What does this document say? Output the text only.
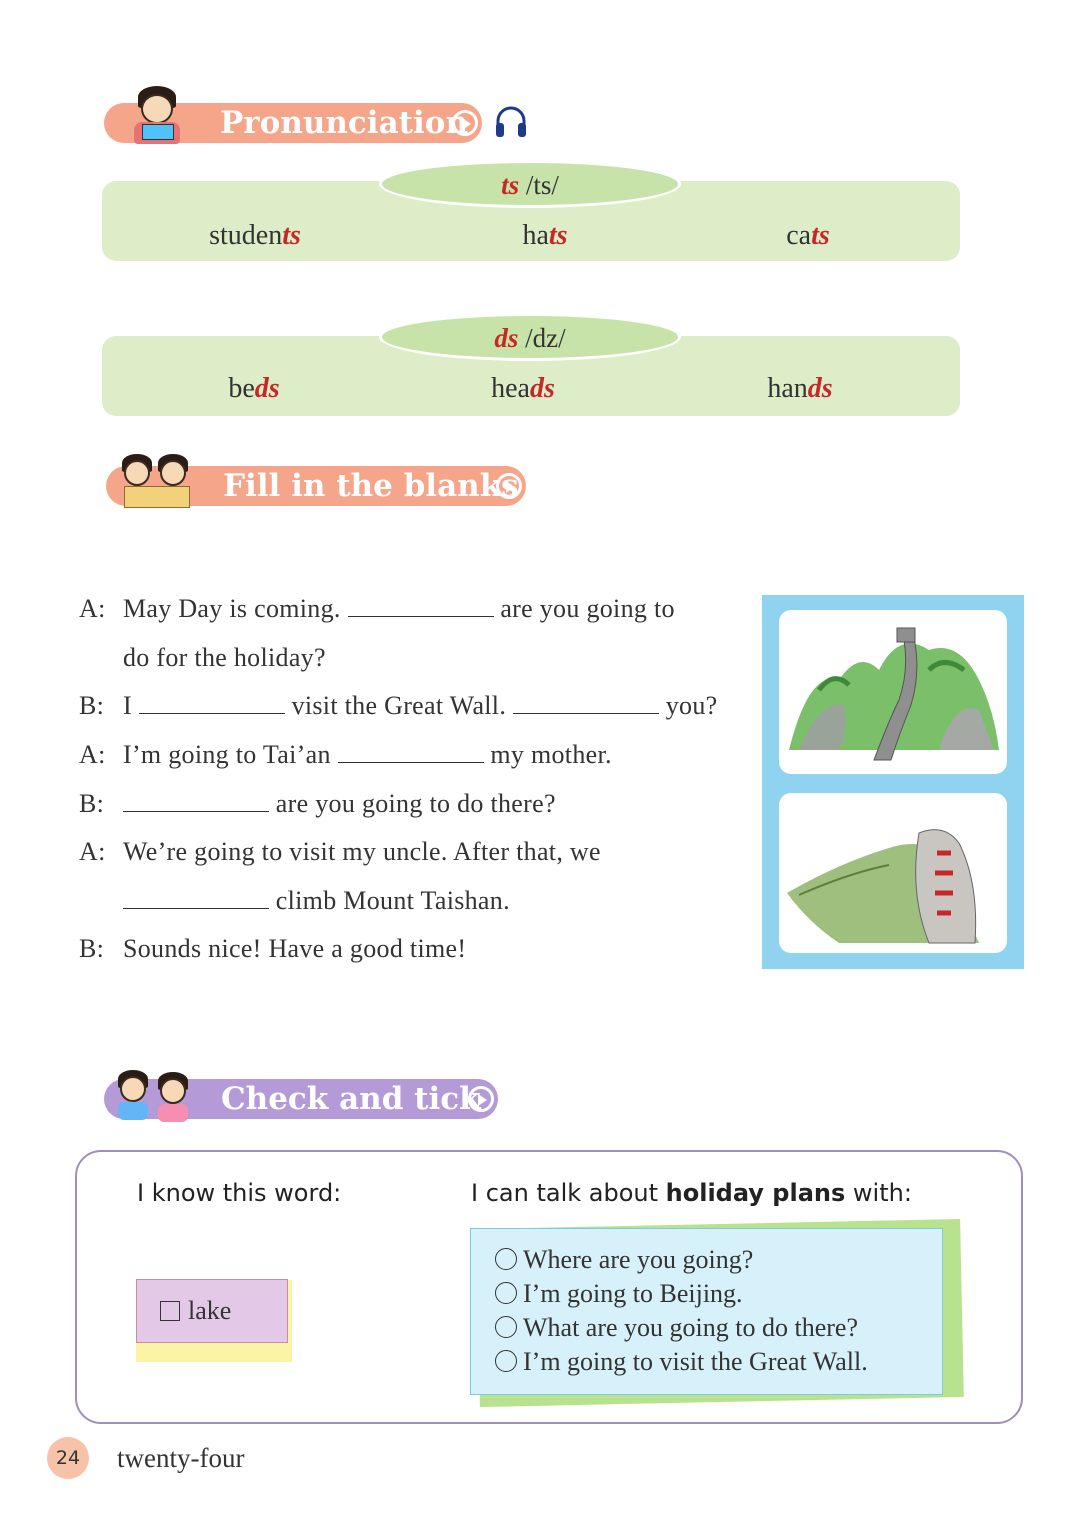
Pronunciation
ts /ts/
students	hats	cats
ds /dz/
beds	heads	hands
Fill in the blanks
A: May Day is coming.	are you going to
do for the holiday?
B: I	visit the Great Wall.	you?
A: I’m going to Tai’an	my mother.
B:	are you going to do there?
A: We’re going to visit my uncle. After that, we
climb Mount Taishan.
B: Sounds nice! Have a good time!
Check and tick
I know this word:	I can talk about holiday plans with:
lake
Where are you going?
I’m going to Beijing.
What are you going to do there?
I’m going to visit the Great Wall.
24	twenty-four
